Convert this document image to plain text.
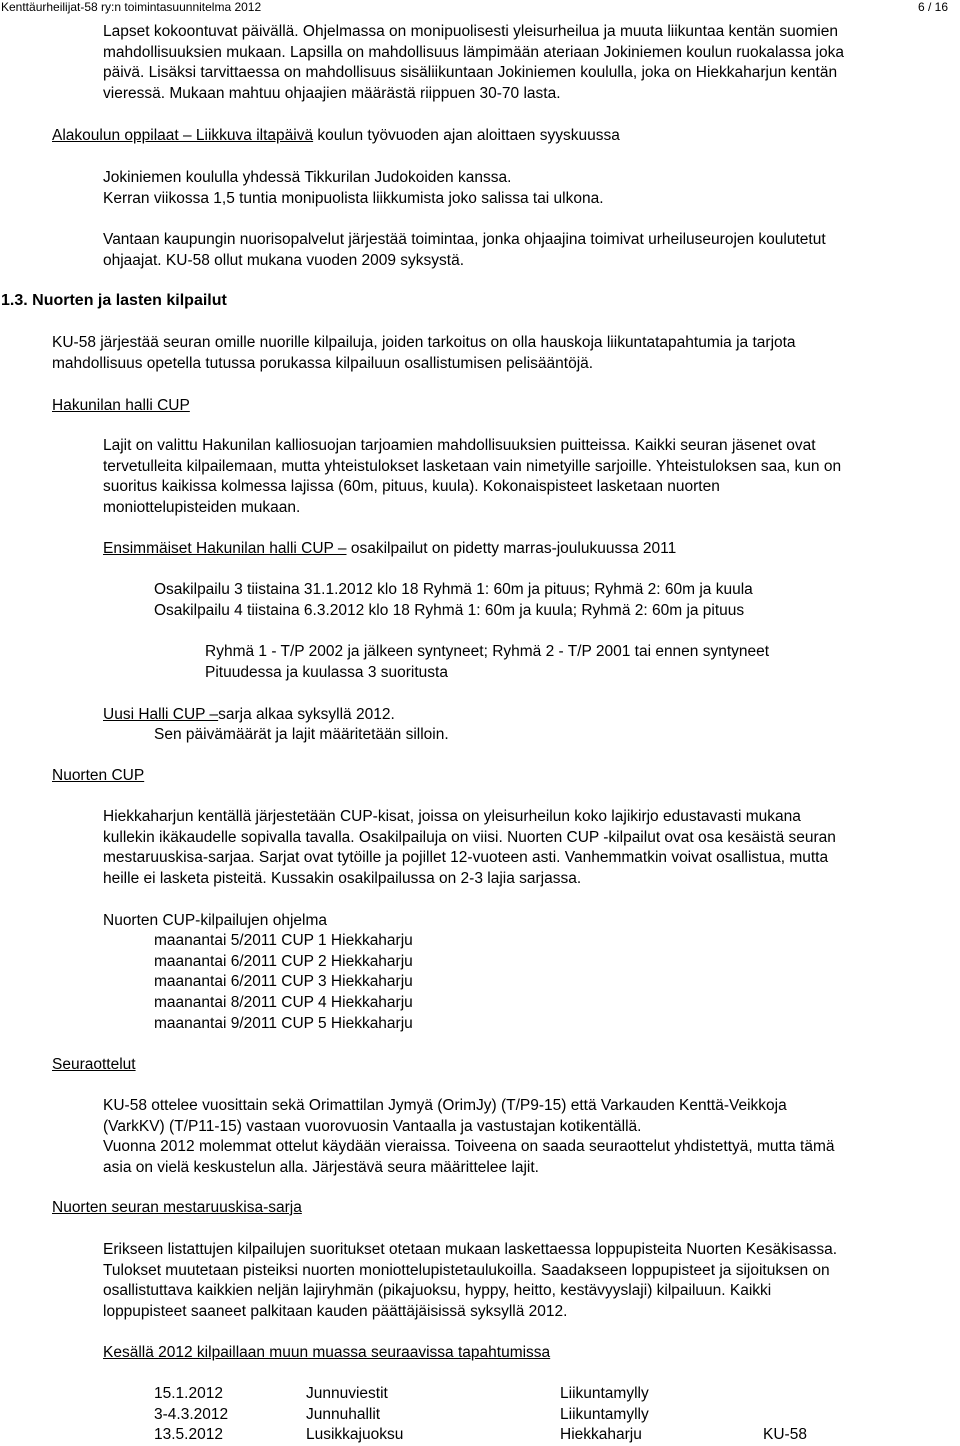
Kenttäurheilijat-58 ry:n toimintasuunnitelma 2012	6 / 16
Lapset kokoontuvat päivällä. Ohjelmassa on monipuolisesti yleisurheilua ja muuta liikuntaa kentän suomien
mahdollisuuksien mukaan. Lapsilla on mahdollisuus lämpimään ateriaan Jokiniemen koulun ruokalassa joka
päivä. Lisäksi tarvittaessa on mahdollisuus sisäliikuntaan Jokiniemen koululla, joka on Hiekkaharjun kentän
vieressä. Mukaan mahtuu ohjaajien määrästä riippuen 30-70 lasta.
Alakoulun oppilaat – Liikkuva iltapäivä koulun työvuoden ajan aloittaen syyskuussa
Jokiniemen koululla yhdessä Tikkurilan Judokoiden kanssa.
Kerran viikossa 1,5 tuntia monipuolista liikkumista joko salissa tai ulkona.
Vantaan kaupungin nuorisopalvelut järjestää toimintaa, jonka ohjaajina toimivat urheiluseurojen koulutetut
ohjaajat. KU-58 ollut mukana vuoden 2009 syksystä.
1.3. Nuorten ja lasten kilpailut
KU-58 järjestää seuran omille nuorille kilpailuja, joiden tarkoitus on olla hauskoja liikuntatapahtumia ja tarjota
mahdollisuus opetella tutussa porukassa kilpailuun osallistumisen pelisääntöjä.
Hakunilan halli CUP
Lajit on valittu Hakunilan kalliosuojan tarjoamien mahdollisuuksien puitteissa. Kaikki seuran jäsenet ovat
tervetulleita kilpailemaan, mutta yhteistulokset lasketaan vain nimetyille sarjoille. Yhteistuloksen saa, kun on
suoritus kaikissa kolmessa lajissa (60m, pituus, kuula). Kokonaispisteet lasketaan nuorten
moniottelupisteiden mukaan.
Ensimmäiset Hakunilan halli CUP – osakilpailut on pidetty marras-joulukuussa 2011
Osakilpailu 3 tiistaina 31.1.2012 klo 18 Ryhmä 1: 60m ja pituus; Ryhmä 2: 60m ja kuula
Osakilpailu 4 tiistaina 6.3.2012 klo 18 Ryhmä 1: 60m ja kuula; Ryhmä 2: 60m ja pituus
Ryhmä 1 - T/P 2002 ja jälkeen syntyneet; Ryhmä 2 - T/P 2001 tai ennen syntyneet
Pituudessa ja kuulassa 3 suoritusta
Uusi Halli CUP –sarja alkaa syksyllä 2012.
Sen päivämäärät ja lajit määritetään silloin.
Nuorten CUP
Hiekkaharjun kentällä järjestetään CUP-kisat, joissa on yleisurheilun koko lajikirjo edustavasti mukana
kullekin ikäkaudelle sopivalla tavalla. Osakilpailuja on viisi. Nuorten CUP -kilpailut ovat osa kesäistä seuran
mestaruuskisa-sarjaa. Sarjat ovat tytöille ja pojillet 12-vuoteen asti. Vanhemmatkin voivat osallistua, mutta
heille ei lasketa pisteitä. Kussakin osakilpailussa on 2-3 lajia sarjassa.
Nuorten CUP-kilpailujen ohjelma
maanantai 5/2011 CUP 1 Hiekkaharju
maanantai 6/2011 CUP 2 Hiekkaharju
maanantai 6/2011 CUP 3 Hiekkaharju
maanantai 8/2011 CUP 4 Hiekkaharju
maanantai 9/2011 CUP 5 Hiekkaharju
Seuraottelut
KU-58 ottelee vuosittain sekä Orimattilan Jymyä (OrimJy) (T/P9-15) että Varkauden Kenttä-Veikkoja
(VarkKV) (T/P11-15) vastaan vuorovuosin Vantaalla ja vastustajan kotikentällä.
Vuonna 2012 molemmat ottelut käydään vieraissa. Toiveena on saada seuraottelut yhdistettyä, mutta tämä
asia on vielä keskustelun alla. Järjestävä seura määrittelee lajit.
Nuorten seuran mestaruuskisa-sarja
Erikseen listattujen kilpailujen suoritukset otetaan mukaan laskettaessa loppupisteita Nuorten Kesäkisassa.
Tulokset muutetaan pisteiksi nuorten moniottelupistetaulukoilla. Saadakseen loppupisteet ja sijoituksen on
osallistuttava kaikkien neljän lajiryhmän (pikajuoksu, hyppy, heitto, kestävyyslaji) kilpailuun. Kaikki
loppupisteet saaneet palkitaan kauden päättäjäisissä syksyllä 2012.
Kesällä 2012 kilpaillaan muun muassa seuraavissa tapahtumissa
15.1.2012	Junnuviestit	Liikuntamylly	
3-4.3.2012	Junnuhallit	Liikuntamylly	
13.5.2012	Lusikkajuoksu	Hiekkaharju	KU-58
